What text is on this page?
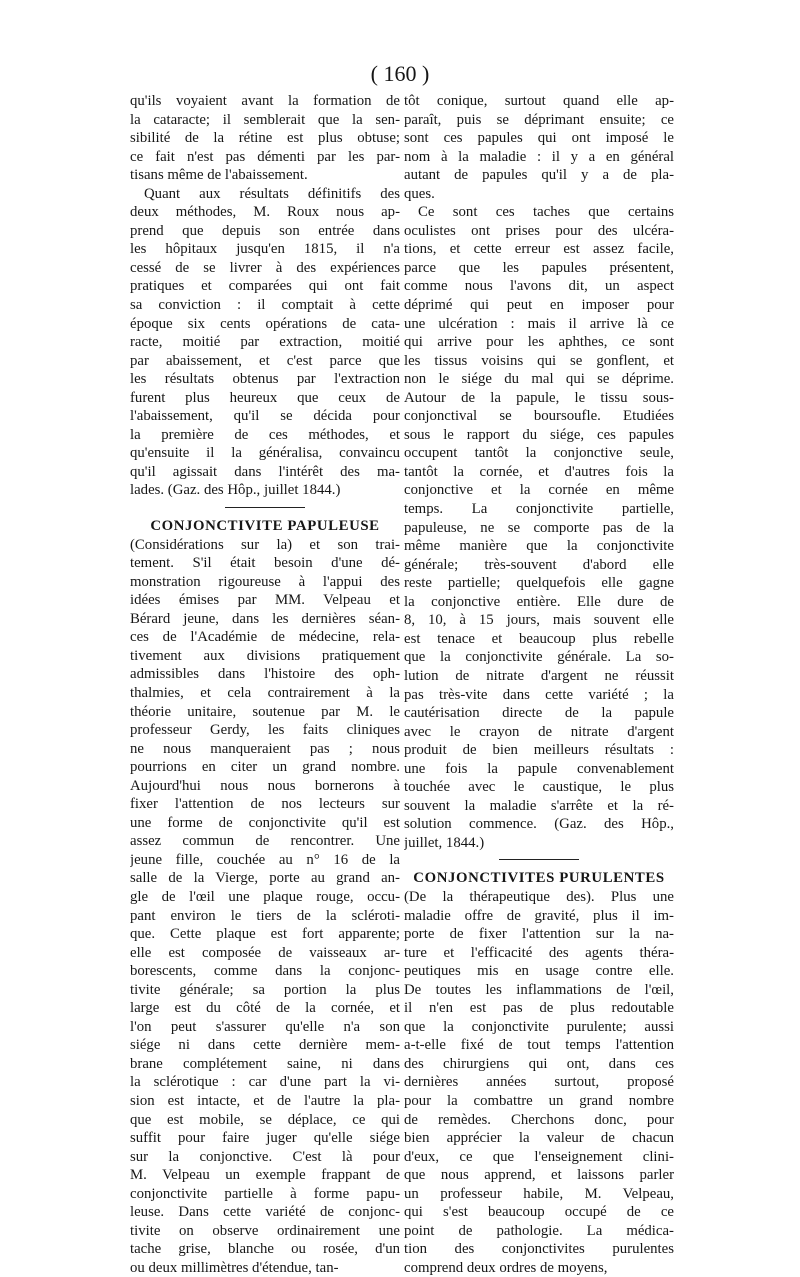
( 160 )
qu'ils voyaient avant la formation de
la cataracte; il semblerait que la sen-
sibilité de la rétine est plus obtuse;
ce fait n'est pas démenti par les par-
tisans même de l'abaissement.
Quant aux résultats définitifs des
deux méthodes, M. Roux nous ap-
prend que depuis son entrée dans
les hôpitaux jusqu'en 1815, il n'a
cessé de se livrer à des expériences
pratiques et comparées qui ont fait
sa conviction : il comptait à cette
époque six cents opérations de cata-
racte, moitié par extraction, moitié
par abaissement, et c'est parce que
les résultats obtenus par l'extraction
furent plus heureux que ceux de
l'abaissement, qu'il se décida pour
la première de ces méthodes, et
qu'ensuite il la généralisa, convaincu
qu'il agissait dans l'intérêt des ma-
lades. (Gaz. des Hôp., juillet 1844.)
CONJONCTIVITE PAPULEUSE
(Considérations sur la) et son trai-
tement. S'il était besoin d'une dé-
monstration rigoureuse à l'appui des
idées émises par MM. Velpeau et
Bérard jeune, dans les dernières séan-
ces de l'Académie de médecine, rela-
tivement aux divisions pratiquement
admissibles dans l'histoire des oph-
thalmies, et cela contrairement à la
théorie unitaire, soutenue par M. le
professeur Gerdy, les faits cliniques
ne nous manqueraient pas ; nous
pourrions en citer un grand nombre.
Aujourd'hui nous nous bornerons à
fixer l'attention de nos lecteurs sur
une forme de conjonctivite qu'il est
assez commun de rencontrer. Une
jeune fille, couchée au n° 16 de la
salle de la Vierge, porte au grand an-
gle de l'œil une plaque rouge, occu-
pant environ le tiers de la scléroti-
que. Cette plaque est fort apparente;
elle est composée de vaisseaux ar-
borescents, comme dans la conjonc-
tivite générale; sa portion la plus
large est du côté de la cornée, et
l'on peut s'assurer qu'elle n'a son
siége ni dans cette dernière mem-
brane complétement saine, ni dans
la sclérotique : car d'une part la vi-
sion est intacte, et de l'autre la pla-
que est mobile, se déplace, ce qui
suffit pour faire juger qu'elle siége
sur la conjonctive. C'est là pour
M. Velpeau un exemple frappant de
conjonctivite partielle à forme papu-
leuse. Dans cette variété de conjonc-
tivite on observe ordinairement une
tache grise, blanche ou rosée, d'un
ou deux millimètres d'étendue, tan-
tôt conique, surtout quand elle ap-
paraît, puis se déprimant ensuite; ce
sont ces papules qui ont imposé le
nom à la maladie : il y a en général
autant de papules qu'il y a de pla-
ques.
Ce sont ces taches que certains
oculistes ont prises pour des ulcéra-
tions, et cette erreur est assez facile,
parce que les papules présentent,
comme nous l'avons dit, un aspect
déprimé qui peut en imposer pour
une ulcération : mais il arrive là ce
qui arrive pour les aphthes, ce sont
les tissus voisins qui se gonflent, et
non le siége du mal qui se déprime.
Autour de la papule, le tissu sous-
conjonctival se boursoufle. Etudiées
sous le rapport du siége, ces papules
occupent tantôt la conjonctive seule,
tantôt la cornée, et d'autres fois la
conjonctive et la cornée en même
temps. La conjonctivite partielle,
papuleuse, ne se comporte pas de la
même manière que la conjonctivite
générale; très-souvent d'abord elle
reste partielle; quelquefois elle gagne
la conjonctive entière. Elle dure de
8, 10, à 15 jours, mais souvent elle
est tenace et beaucoup plus rebelle
que la conjonctivite générale. La so-
lution de nitrate d'argent ne réussit
pas très-vite dans cette variété ; la
cautérisation directe de la papule
avec le crayon de nitrate d'argent
produit de bien meilleurs résultats :
une fois la papule convenablement
touchée avec le caustique, le plus
souvent la maladie s'arrête et la ré-
solution commence. (Gaz. des Hôp.,
juillet, 1844.)
CONJONCTIVITES PURULENTES
(De la thérapeutique des). Plus une
maladie offre de gravité, plus il im-
porte de fixer l'attention sur la na-
ture et l'efficacité des agents théra-
peutiques mis en usage contre elle.
De toutes les inflammations de l'œil,
il n'en est pas de plus redoutable
que la conjonctivite purulente; aussi
a-t-elle fixé de tout temps l'attention
des chirurgiens qui ont, dans ces
dernières années surtout, proposé
pour la combattre un grand nombre
de remèdes. Cherchons donc, pour
bien apprécier la valeur de chacun
d'eux, ce que l'enseignement clini-
que nous apprend, et laissons parler
un professeur habile, M. Velpeau,
qui s'est beaucoup occupé de ce
point de pathologie. La médica-
tion des conjonctivites purulentes
comprend deux ordres de moyens,
